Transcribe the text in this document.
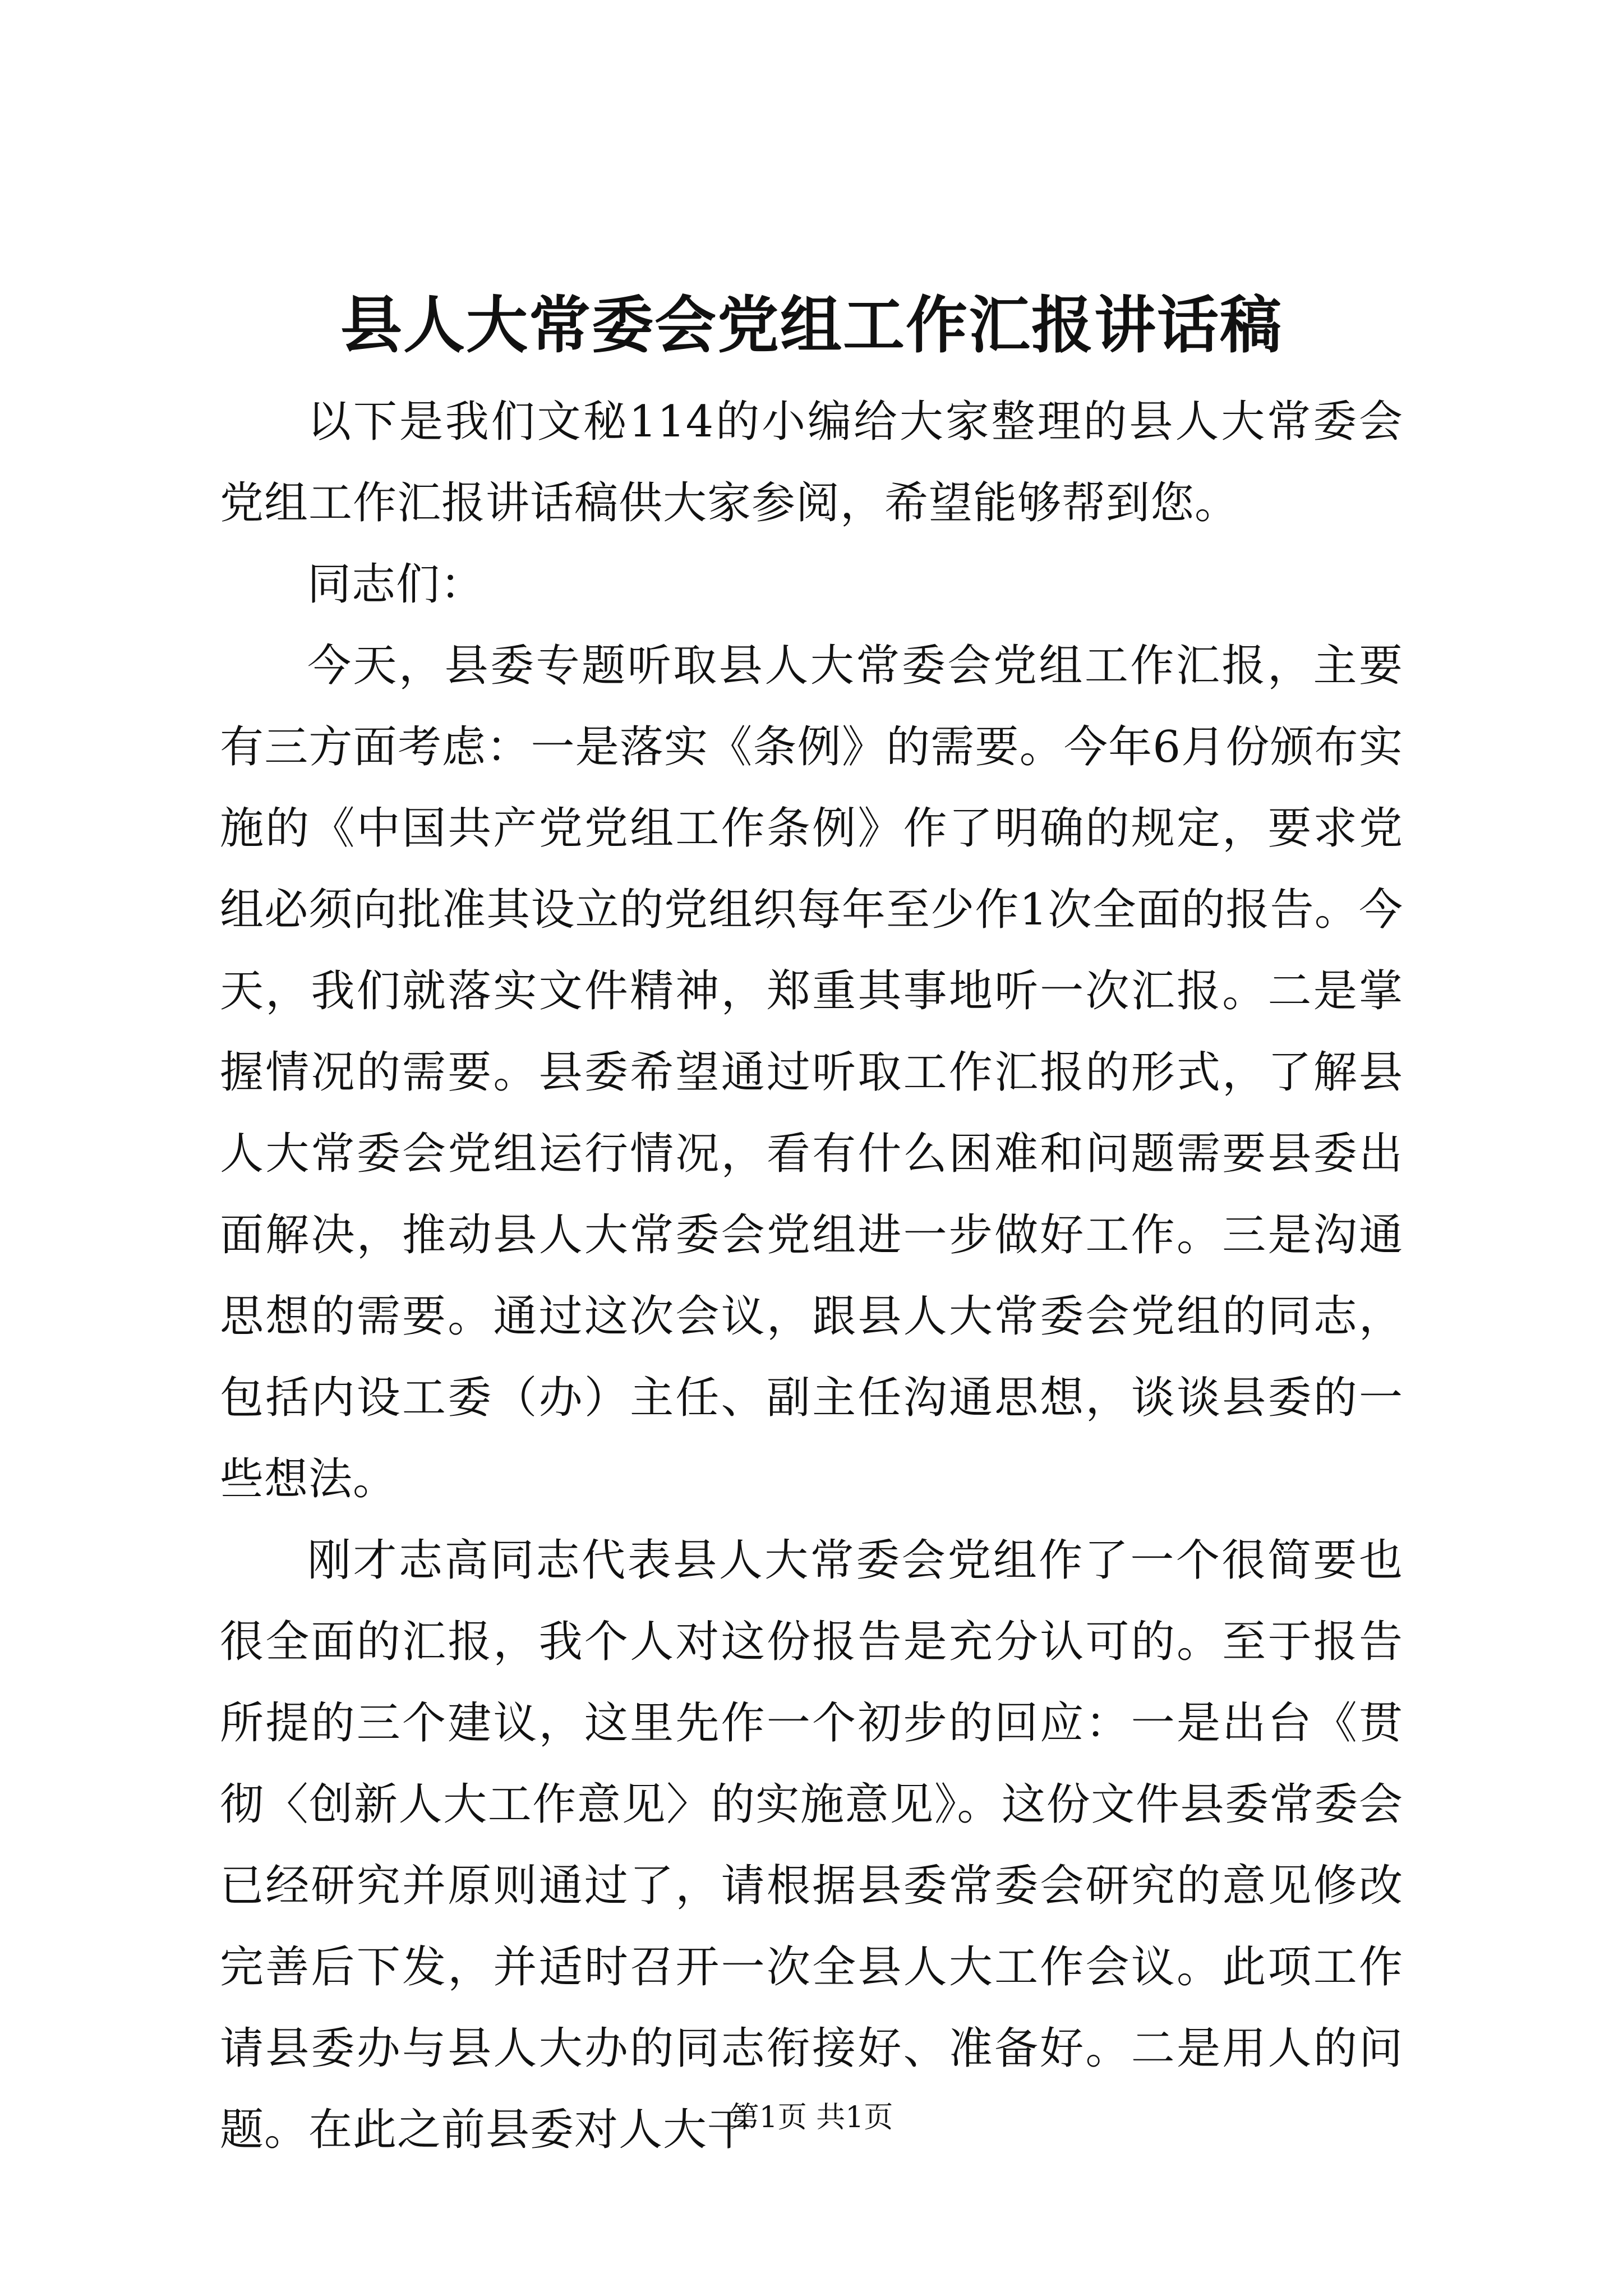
县人大常委会党组工作汇报讲话稿

以下是我们文秘114的小编给大家整理的县人大常委会党组工作汇报讲话稿供大家参阅，希望能够帮到您。

同志们：

今天，县委专题听取县人大常委会党组工作汇报，主要有三方面考虑：一是落实《条例》的需要。今年6月份颁布实施的《中国共产党党组工作条例》作了明确的规定，要求党组必须向批准其设立的党组织每年至少作1次全面的报告。今天，我们就落实文件精神，郑重其事地听一次汇报。二是掌握情况的需要。县委希望通过听取工作汇报的形式，了解县人大常委会党组运行情况，看有什么困难和问题需要县委出面解决，推动县人大常委会党组进一步做好工作。三是沟通思想的需要。通过这次会议，跟县人大常委会党组的同志，包括内设工委（办）主任、副主任沟通思想，谈谈县委的一些想法。

刚才志高同志代表县人大常委会党组作了一个很简要也很全面的汇报，我个人对这份报告是充分认可的。至于报告所提的三个建议，这里先作一个初步的回应：一是出台《贯彻〈创新人大工作意见〉的实施意见》。这份文件县委常委会已经研究并原则通过了，请根据县委常委会研究的意见修改完善后下发，并适时召开一次全县人大工作会议。此项工作请县委办与县人大办的同志衔接好、准备好。二是用人的问题。在此之前县委对人大干

第1页 共1页
